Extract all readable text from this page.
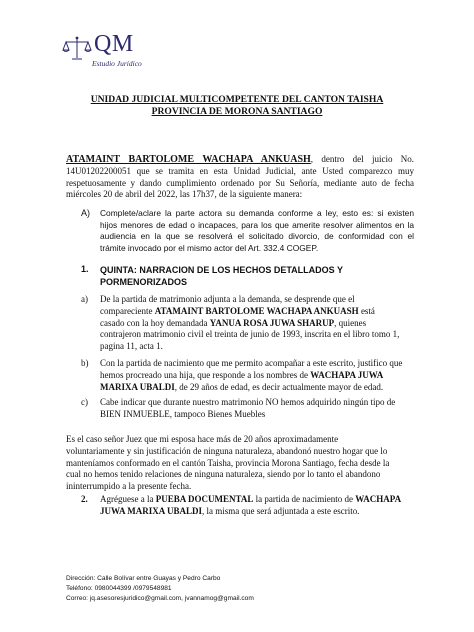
QM
Estudio Jurídico
UNIDAD JUDICIAL MULTICOMPETENTE DEL CANTON TAISHA
PROVINCIA DE MORONA SANTIAGO
ATAMAINT BARTOLOME WACHAPA ANKUASH, dentro del juicio No.
14U01202200051 que se tramita en esta Unidad Judicial, ante Usted comparezco muy
respetuosamente y dando cumplimiento ordenado por Su Señoría, mediante auto de fecha
miércoles 20 de abril del 2022, las 17h37, de la siguiente manera:
A) Complete/aclare la parte actora su demanda conforme a ley, esto es: si existen
hijos menores de edad o incapaces, para los que amerite resolver alimentos en la
audiencia en la que se resolverá el solicitado divorcio, de conformidad con el
trámite invocado por el mismo actor del Art. 332.4 COGEP.
1. QUINTA: NARRACION DE LOS HECHOS DETALLADOS Y
PORMENORIZADOS
a) De la partida de matrimonio adjunta a la demanda, se desprende que el
compareciente ATAMAINT BARTOLOME WACHAPA ANKUASH está
casado con la hoy demandada YANUA ROSA JUWA SHARUP, quienes
contrajeron matrimonio civil el treinta de junio de 1993, inscrita en el libro tomo 1,
pagina 11, acta 1.
b) Con la partida de nacimiento que me permito acompañar a este escrito, justifico que
hemos procreado una hija, que responde a los nombres de WACHAPA JUWA
MARIXA UBALDI, de 29 años de edad, es decir actualmente mayor de edad.
c) Cabe indicar que durante nuestro matrimonio NO hemos adquirido ningún tipo de
BIEN INMUEBLE, tampoco Bienes Muebles
Es el caso señor Juez que mi esposa hace más de 20 años aproximadamente
voluntariamente y sin justificación de ninguna naturaleza, abandonó nuestro hogar que lo
manteníamos conformado en el cantón Taisha, provincia Morona Santiago, fecha desde la
cual no hemos tenido relaciones de ninguna naturaleza, siendo por lo tanto el abandono
ininterrumpido a la presente fecha.
2. Agréguese a la PUEBA DOCUMENTAL la partida de nacimiento de WACHAPA
JUWA MARIXA UBALDI, la misma que será adjuntada a este escrito.
Dirección: Calle Bolívar entre Guayas y Pedro Carbo
Teléfono: 0980044399 /0979548981
Correo: jq.asesoresjuridico@gmail.com, jvannamog@gmail.com
